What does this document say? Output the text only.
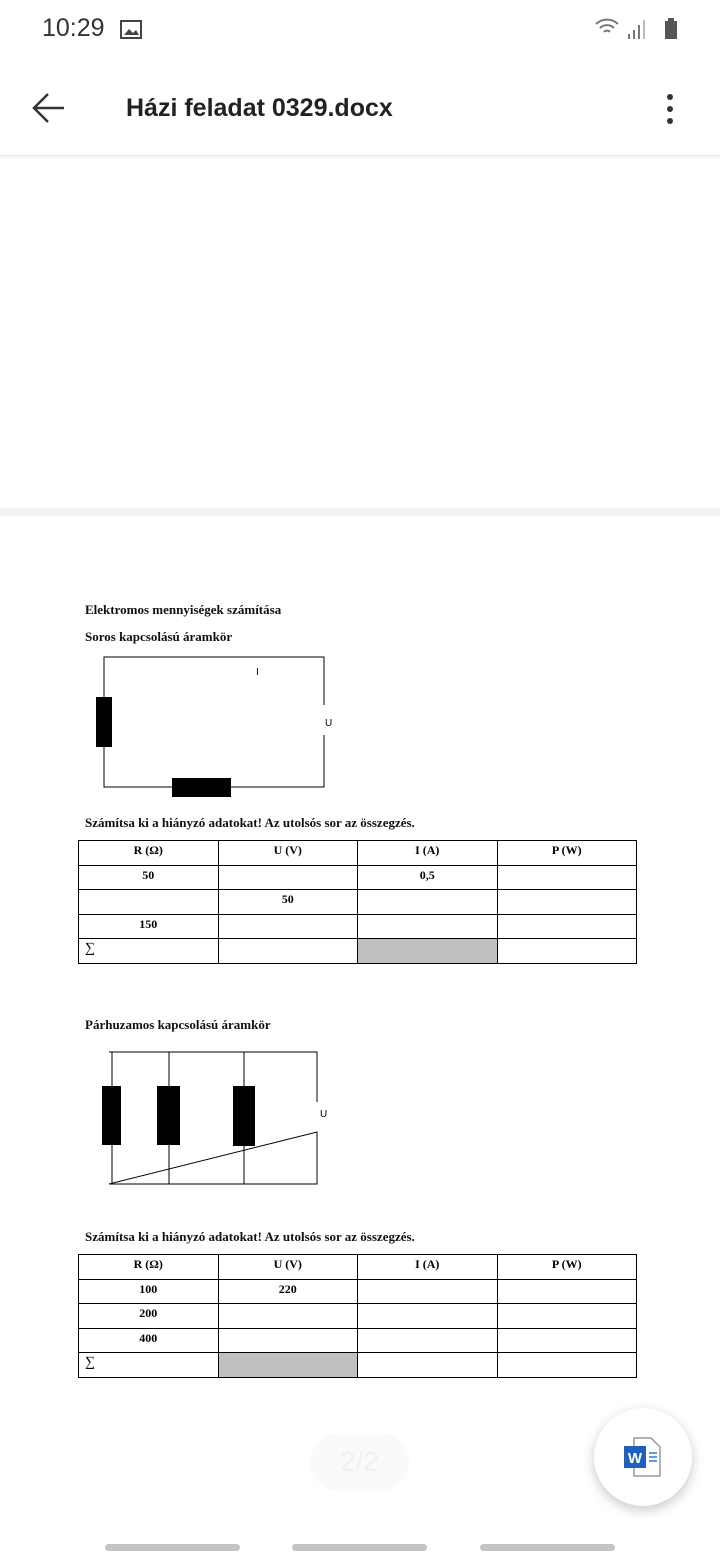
10:29
Házi feladat 0329.docx
Elektromos mennyiségek számítása
Soros kapcsolású áramkör
I
U
Számítsa ki a hiányzó adatokat! Az utolsós sor az összegzés.
R (Ω)	U (V)	I (A)	P (W)
50		0,5	
	50		
150			
∑			
Párhuzamos kapcsolású áramkör
U
Számítsa ki a hiányzó adatokat! Az utolsós sor az összegzés.
R (Ω)	U (V)	I (A)	P (W)
100	220		
200			
400			
∑			
2/2	W
